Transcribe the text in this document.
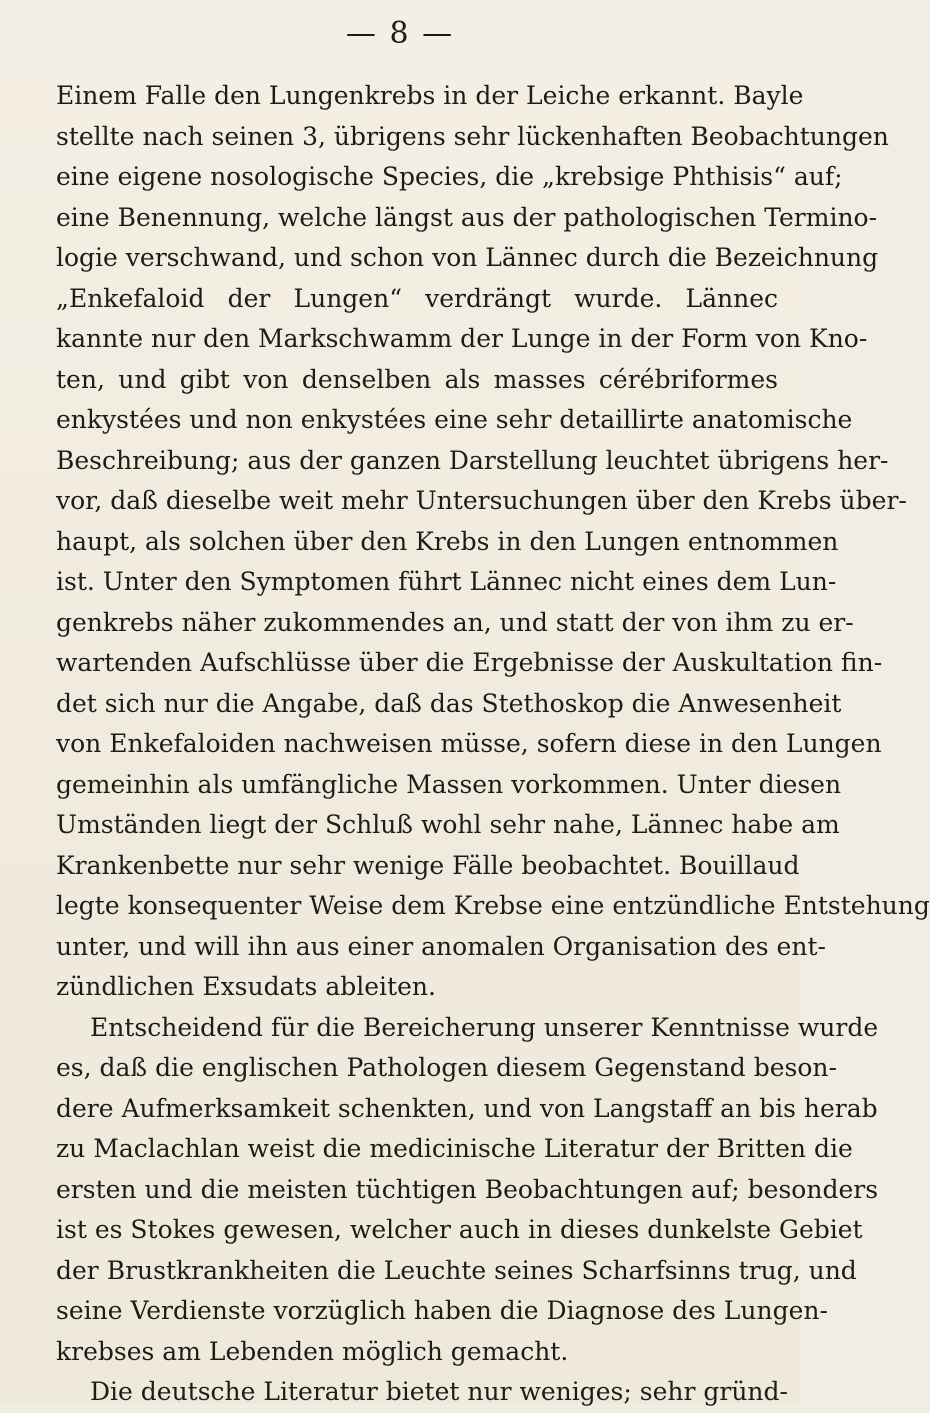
— 8 —
Einem Falle den Lungenkrebs in der Leiche erkannt. Bayle
stellte nach seinen 3, übrigens sehr lückenhaften Beobachtungen
eine eigene nosologische Species, die „krebsige Phthisis“ auf;
eine Benennung, welche längst aus der pathologischen Termino-
logie verschwand, und schon von Lännec durch die Bezeichnung
„Enkefaloid der Lungen“ verdrängt wurde. Lännec
kannte nur den Markschwamm der Lunge in der Form von Kno-
ten, und gibt von denselben als masses cérébriformes
enkystées und non enkystées eine sehr detaillirte anatomische
Beschreibung; aus der ganzen Darstellung leuchtet übrigens her-
vor, daß dieselbe weit mehr Untersuchungen über den Krebs über-
haupt, als solchen über den Krebs in den Lungen entnommen
ist. Unter den Symptomen führt Lännec nicht eines dem Lun-
genkrebs näher zukommendes an, und statt der von ihm zu er-
wartenden Aufschlüsse über die Ergebnisse der Auskultation fin-
det sich nur die Angabe, daß das Stethoskop die Anwesenheit
von Enkefaloiden nachweisen müsse, sofern diese in den Lungen
gemeinhin als umfängliche Massen vorkommen. Unter diesen
Umständen liegt der Schluß wohl sehr nahe, Lännec habe am
Krankenbette nur sehr wenige Fälle beobachtet. Bouillaud
legte konsequenter Weise dem Krebse eine entzündliche Entstehung
unter, und will ihn aus einer anomalen Organisation des ent-
zündlichen Exsudats ableiten.
Entscheidend für die Bereicherung unserer Kenntnisse wurde
es, daß die englischen Pathologen diesem Gegenstand beson-
dere Aufmerksamkeit schenkten, und von Langstaff an bis herab
zu Maclachlan weist die medicinische Literatur der Britten die
ersten und die meisten tüchtigen Beobachtungen auf; besonders
ist es Stokes gewesen, welcher auch in dieses dunkelste Gebiet
der Brustkrankheiten die Leuchte seines Scharfsinns trug, und
seine Verdienste vorzüglich haben die Diagnose des Lungen-
krebses am Lebenden möglich gemacht.
Die deutsche Literatur bietet nur weniges; sehr gründ-
